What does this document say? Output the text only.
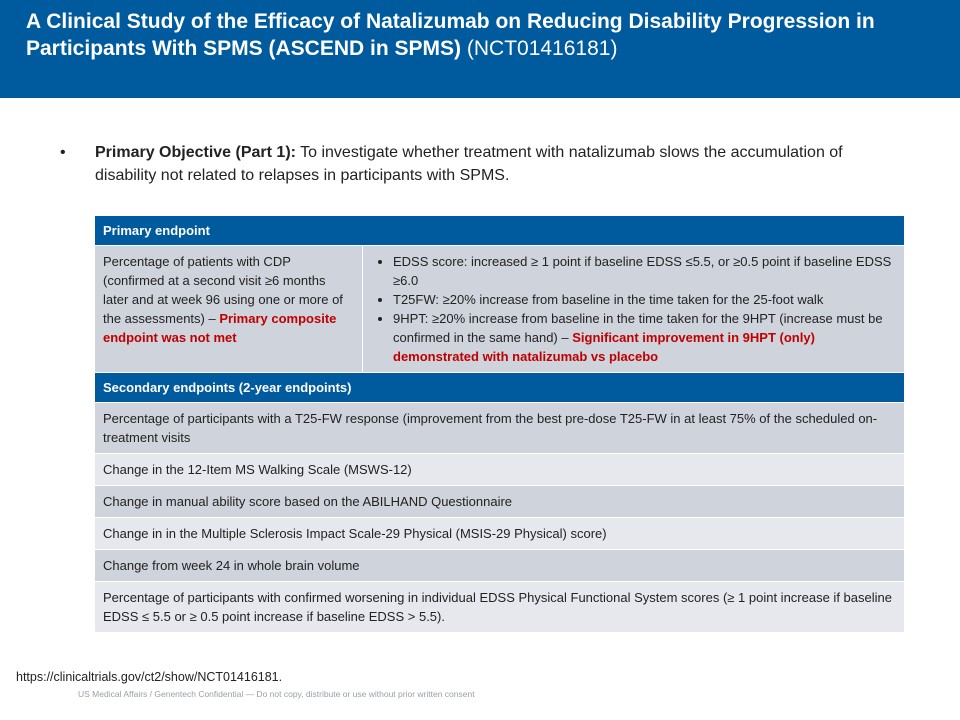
A Clinical Study of the Efficacy of Natalizumab on Reducing Disability Progression in Participants With SPMS (ASCEND in SPMS) (NCT01416181)
•	Primary Objective (Part 1): To investigate whether treatment with natalizumab slows the accumulation of disability not related to relapses in participants with SPMS.
Primary endpoint
Percentage of patients with CDP (confirmed at a second visit ≥6 months later and at week 96 using one or more of the assessments) – Primary composite endpoint was not met	
• EDSS score: increased ≥ 1 point if baseline EDSS ≤5.5, or ≥0.5 point if baseline EDSS ≥6.0
• T25FW: ≥20% increase from baseline in the time taken for the 25-foot walk
• 9HPT: ≥20% increase from baseline in the time taken for the 9HPT (increase must be confirmed in the same hand) – Significant improvement in 9HPT (only) demonstrated with natalizumab vs placebo

Secondary endpoints (2-year endpoints)
Percentage of participants with a T25-FW response (improvement from the best pre-dose T25-FW in at least 75% of the scheduled on-treatment visits
Change in the 12-Item MS Walking Scale (MSWS-12)
Change in manual ability score based on the ABILHAND Questionnaire
Change in in the Multiple Sclerosis Impact Scale-29 Physical (MSIS-29 Physical) score)
Change from week 24 in whole brain volume
Percentage of participants with confirmed worsening in individual EDSS Physical Functional System scores (≥ 1 point increase if baseline EDSS ≤ 5.5 or ≥ 0.5 point increase if baseline EDSS > 5.5).
https://clinicaltrials.gov/ct2/show/NCT01416181.
US Medical Affairs / Genentech Confidential — Do not copy, distribute or use without prior written consent
